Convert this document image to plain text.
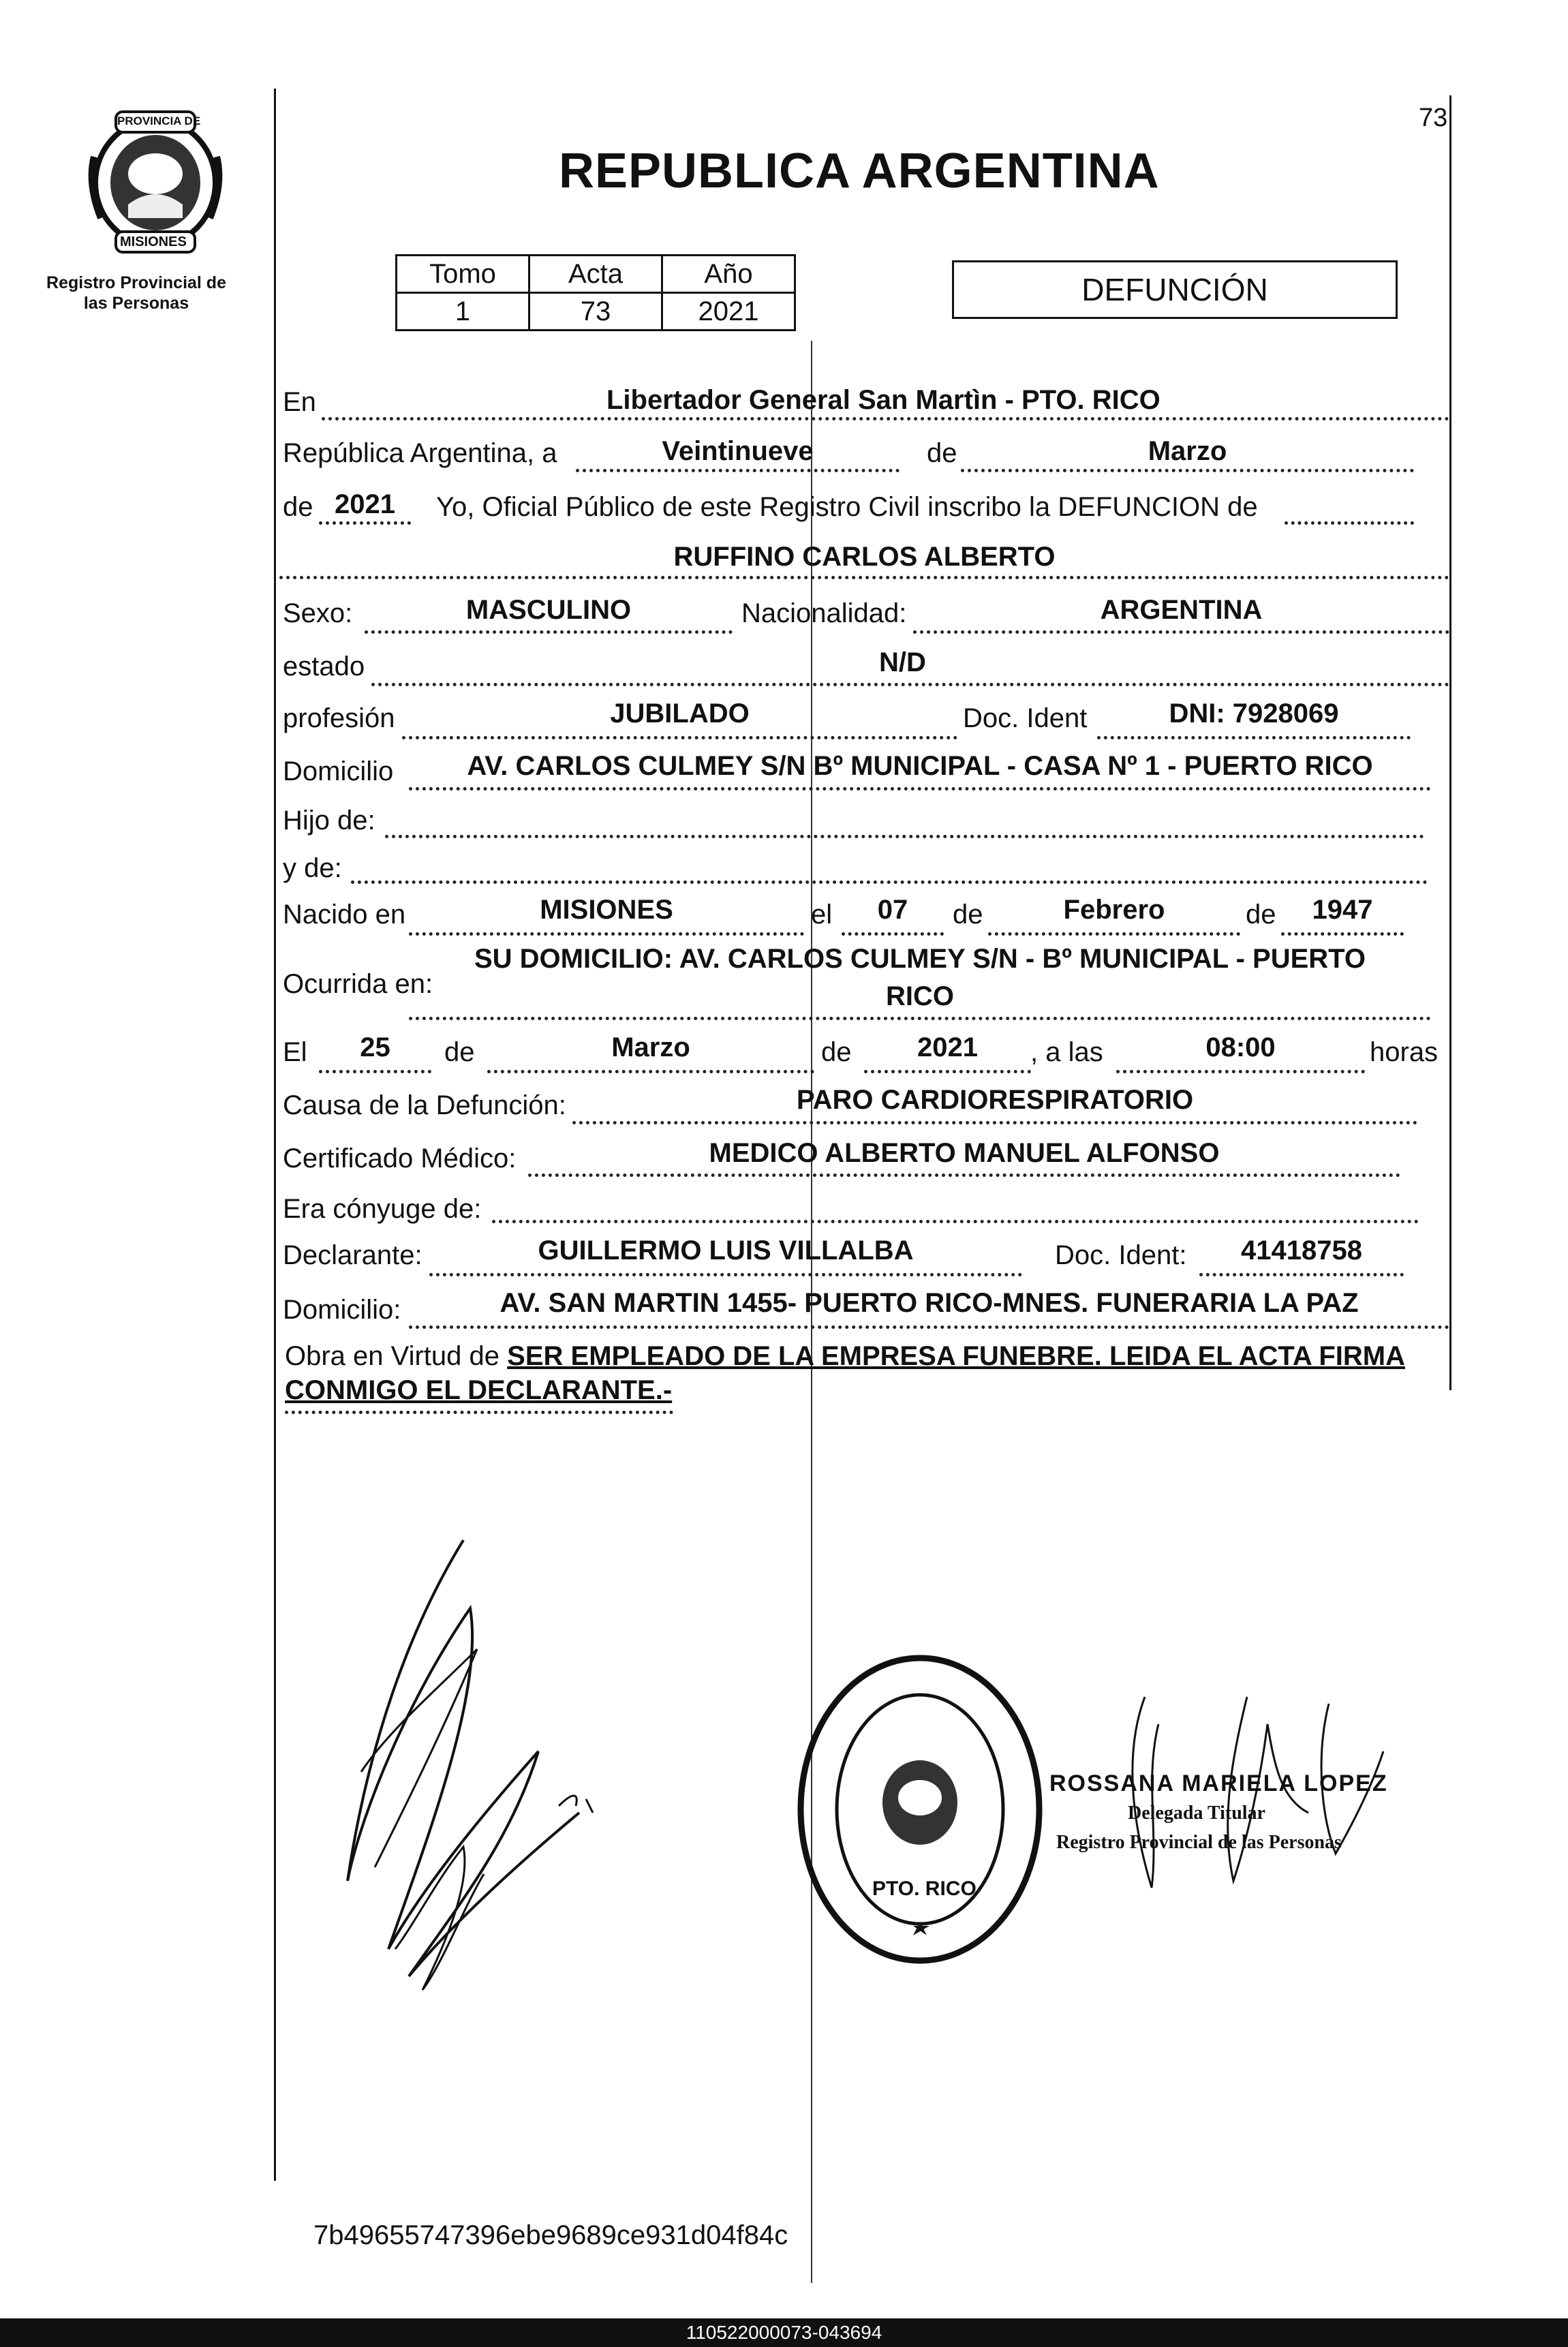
PROVINCIA DE
MISIONES
Registro Provincial de
las Personas
73
REPUBLICA ARGENTINA
Tomo	Acta	Año
1	73	2021
DEFUNCIÓN
En	Libertador General San Martìn - PTO. RICO
República Argentina, a	Veintinueve	de	Marzo
de 2021	Yo, Oficial Público de este Registro Civil inscribo la DEFUNCION de
RUFFINO CARLOS ALBERTO
Sexo:	MASCULINO	Nacionalidad:	ARGENTINA
estado	N/D
profesión	JUBILADO	Doc. Ident	DNI: 7928069
Domicilio	AV. CARLOS CULMEY S/N Bº MUNICIPAL - CASA Nº 1 - PUERTO RICO
Hijo de:
y de:
Nacido en	MISIONES	el	07	de	Febrero	de	1947
Ocurrida en:
SU DOMICILIO: AV. CARLOS CULMEY S/N - Bº MUNICIPAL - PUERTO
RICO
El	25	de	Marzo	de	2021	, a las	08:00	horas
Causa de la Defunción:	PARO CARDIORESPIRATORIO
Certificado Médico:	MEDICO ALBERTO MANUEL ALFONSO
Era cónyuge de:
Declarante:	GUILLERMO LUIS VILLALBA	Doc. Ident:	41418758
Domicilio:	AV. SAN MARTIN 1455- PUERTO RICO-MNES. FUNERARIA LA PAZ
Obra en Virtud de SER EMPLEADO DE LA EMPRESA FUNEBRE. LEIDA EL ACTA FIRMA CONMIGO EL DECLARANTE.-
PTO. RICO
ROSSANA MARIELA LOPEZ
Delegada Titular
Registro Provincial de las Personas
7b49655747396ebe9689ce931d04f84c
110522000073-043694
